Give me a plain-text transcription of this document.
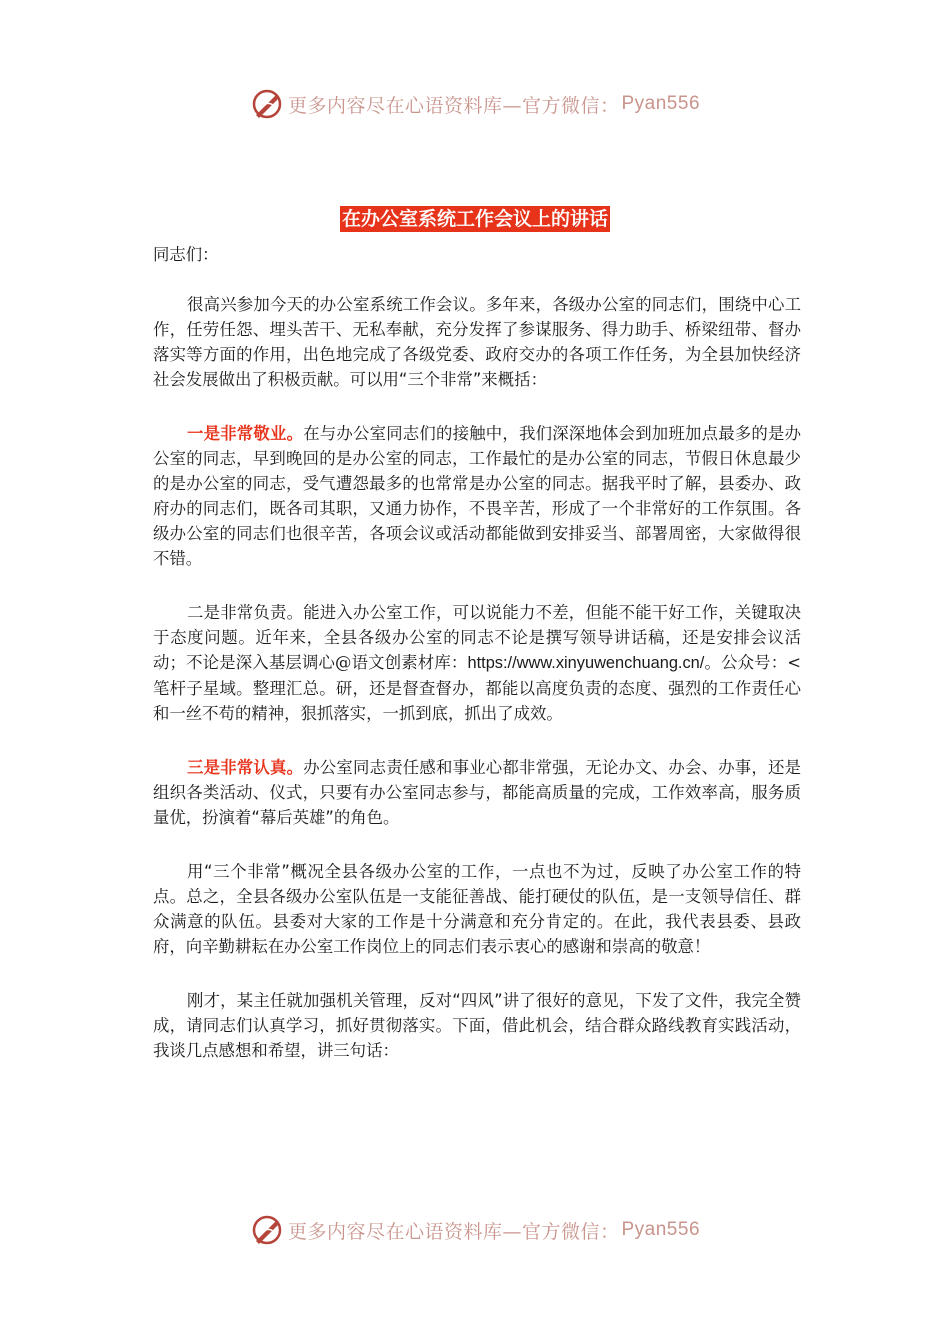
更多内容尽在心语资料库—官方微信： Pyan556
在办公室系统工作会议上的讲话

同志们：

很高兴参加今天的办公室系统工作会议。多年来，各级办公室的同志们，围绕中心工作，任劳任怨、埋头苦干、无私奉献，充分发挥了参谋服务、得力助手、桥梁纽带、督办落实等方面的作用，出色地完成了各级党委、政府交办的各项工作任务，为全县加快经济社会发展做出了积极贡献。可以用“三个非常”来概括：

一是非常敬业。在与办公室同志们的接触中，我们深深地体会到加班加点最多的是办公室的同志，早到晚回的是办公室的同志，工作最忙的是办公室的同志，节假日休息最少的是办公室的同志，受气遭怨最多的也常常是办公室的同志。据我平时了解，县委办、政府办的同志们，既各司其职，又通力协作，不畏辛苦，形成了一个非常好的工作氛围。各级办公室的同志们也很辛苦，各项会议或活动都能做到安排妥当、部署周密，大家做得很不错。

二是非常负责。能进入办公室工作，可以说能力不差，但能不能干好工作，关键取决于态度问题。近年来，全县各级办公室的同志不论是撰写领导讲话稿，还是安排会议活动；不论是深入基层调心@语文创素材库：https://www.xinyuwenchuang.cn/。公众号：<笔杆子星域。整理汇总。研，还是督查督办，都能以高度负责的态度、强烈的工作责任心和一丝不苟的精神，狠抓落实，一抓到底，抓出了成效。

三是非常认真。办公室同志责任感和事业心都非常强，无论办文、办会、办事，还是组织各类活动、仪式，只要有办公室同志参与，都能高质量的完成，工作效率高，服务质量优，扮演着“幕后英雄”的角色。

用“三个非常”概况全县各级办公室的工作，一点也不为过，反映了办公室工作的特点。总之，全县各级办公室队伍是一支能征善战、能打硬仗的队伍，是一支领导信任、群众满意的队伍。县委对大家的工作是十分满意和充分肯定的。在此，我代表县委、县政府，向辛勤耕耘在办公室工作岗位上的同志们表示衷心的感谢和崇高的敬意！

刚才，某主任就加强机关管理，反对“四风”讲了很好的意见，下发了文件，我完全赞成，请同志们认真学习，抓好贯彻落实。下面，借此机会，结合群众路线教育实践活动，我谈几点感想和希望，讲三句话：

更多内容尽在心语资料库—官方微信： Pyan556
